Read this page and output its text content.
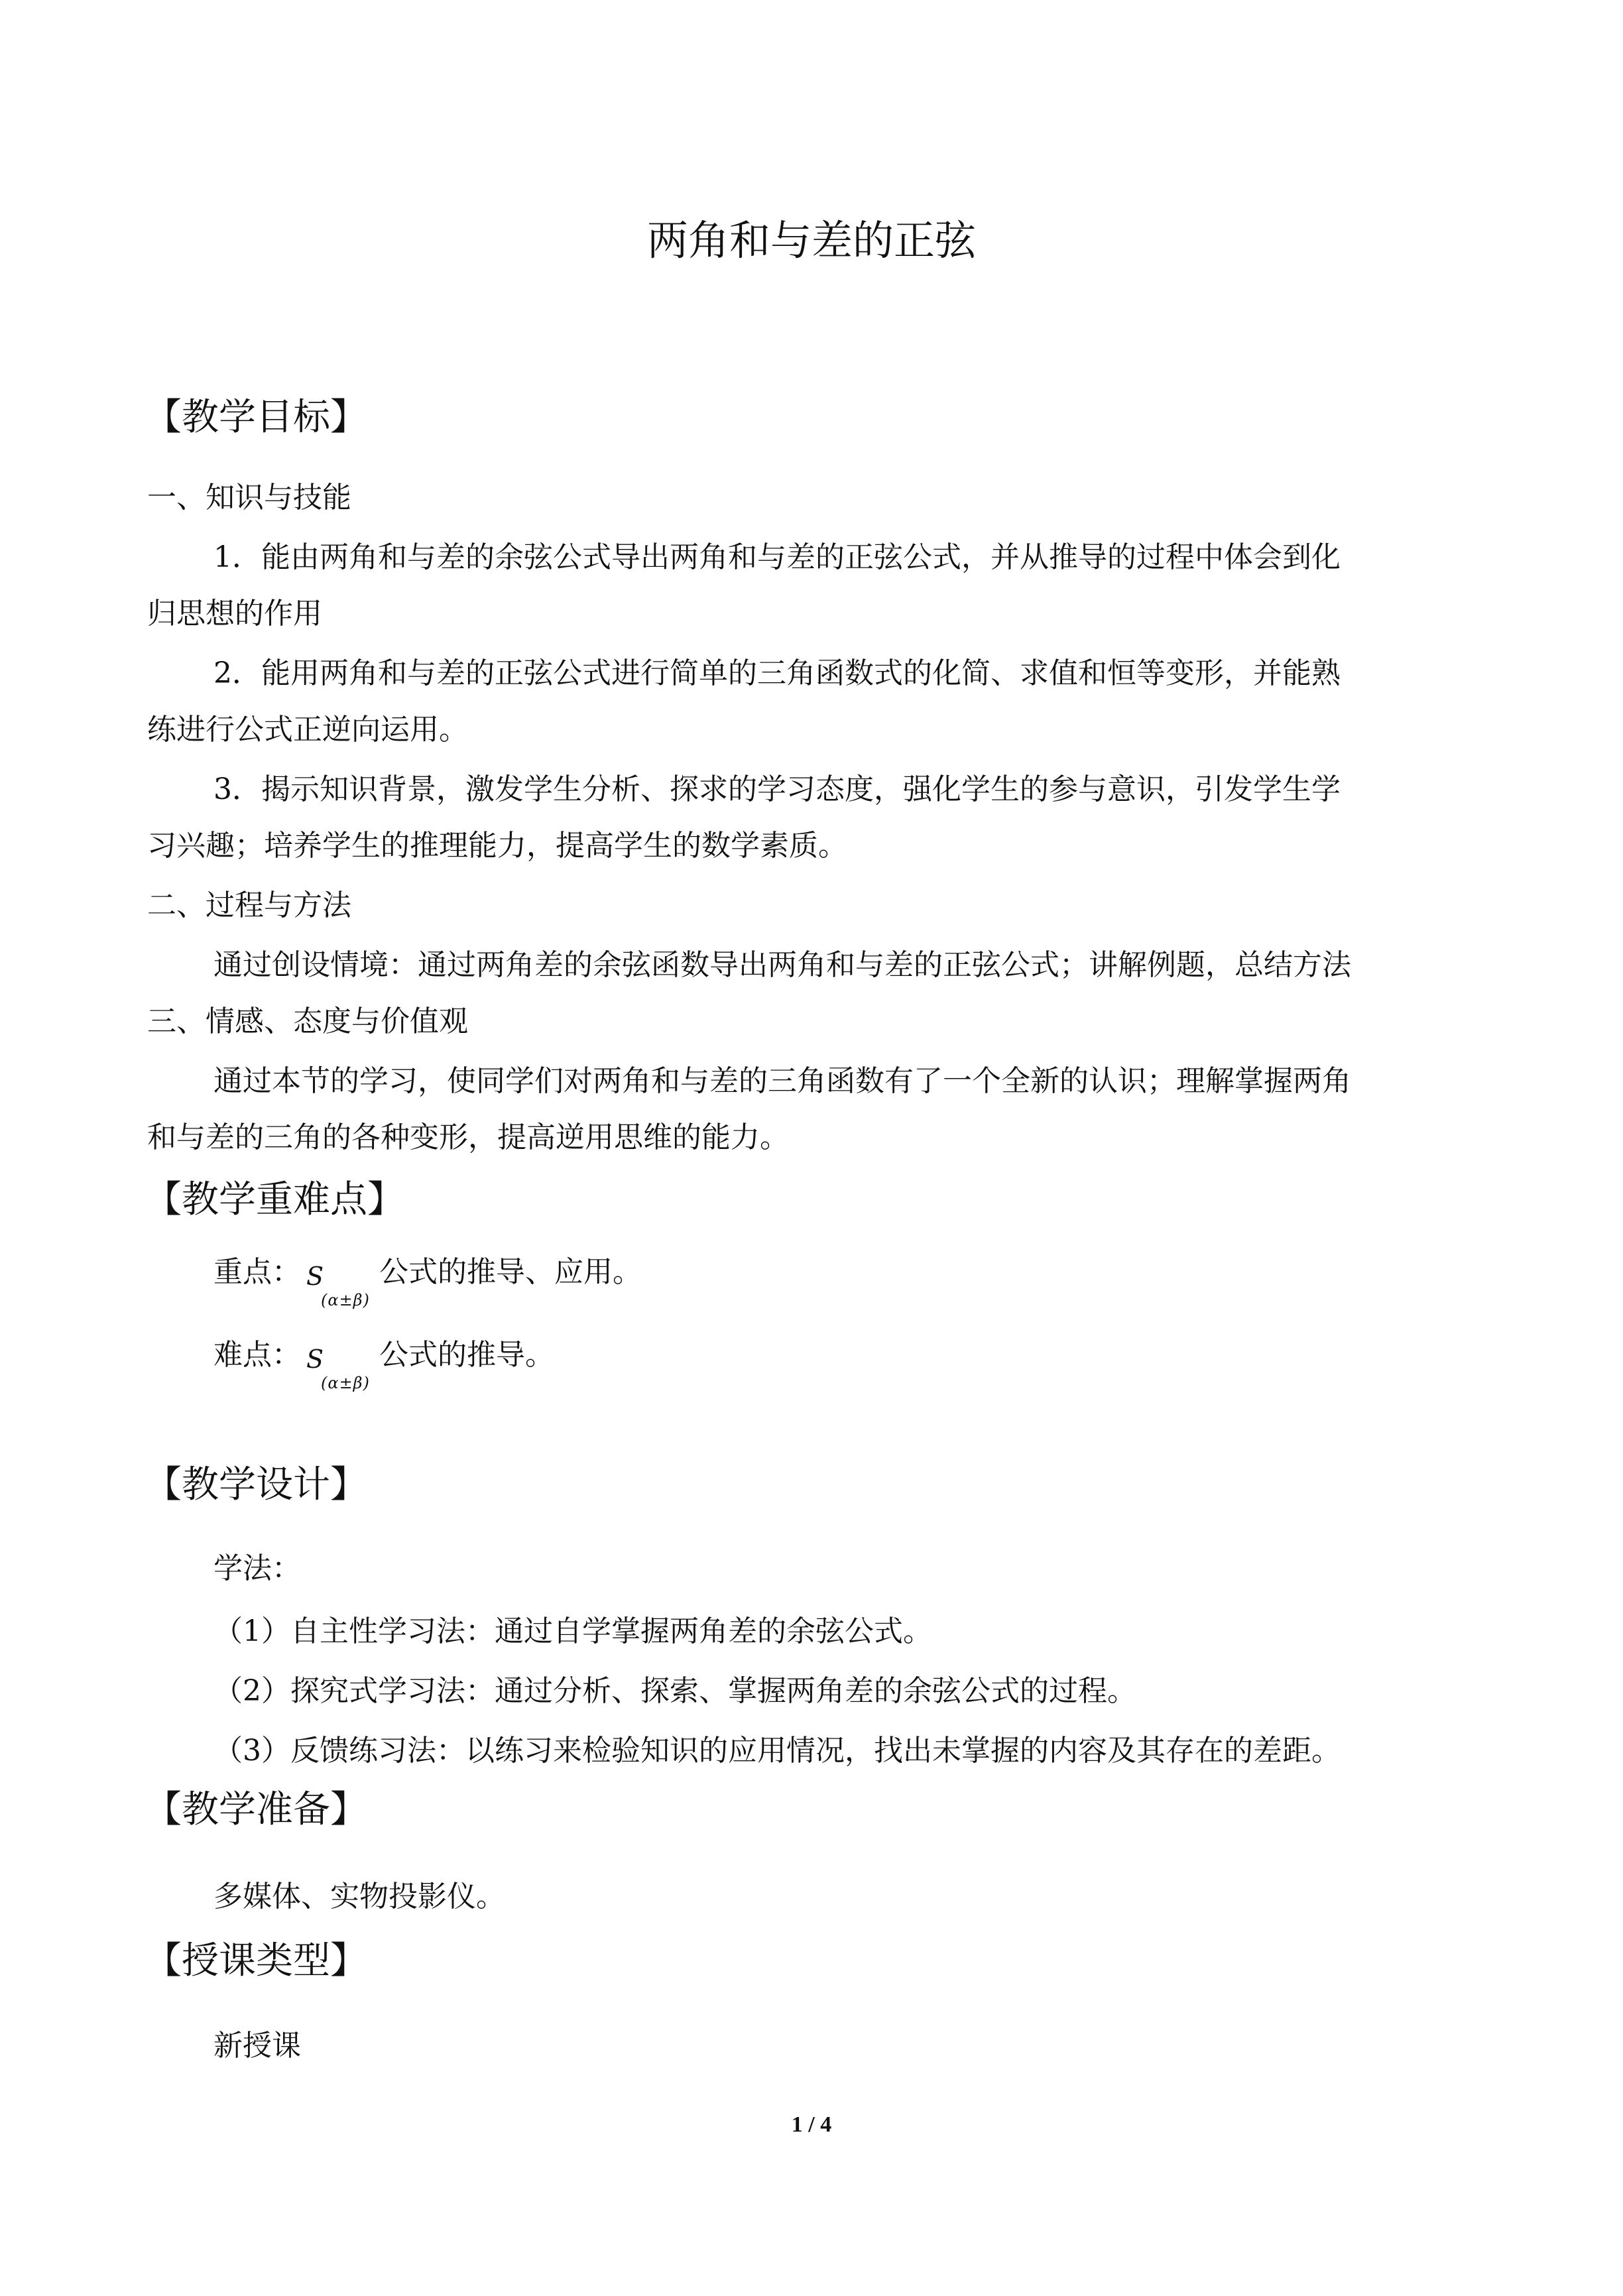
两角和与差的正弦
【教学目标】
一、知识与技能
1．能由两角和与差的余弦公式导出两角和与差的正弦公式，并从推导的过程中体会到化
归思想的作用
2．能用两角和与差的正弦公式进行简单的三角函数式的化简、求值和恒等变形，并能熟
练进行公式正逆向运用。
3．揭示知识背景，激发学生分析、探求的学习态度，强化学生的参与意识，引发学生学
习兴趣；培养学生的推理能力，提高学生的数学素质。
二、过程与方法
通过创设情境：通过两角差的余弦函数导出两角和与差的正弦公式；讲解例题，总结方法
三、情感、态度与价值观
通过本节的学习，使同学们对两角和与差的三角函数有了一个全新的认识；理解掌握两角
和与差的三角的各种变形，提高逆用思维的能力。
【教学重难点】
重点： S
(α±β)
公式的推导、应用。
难点： S
(α±β)
公式的推导。
【教学设计】
学法：
（1）自主性学习法：通过自学掌握两角差的余弦公式。
（2）探究式学习法：通过分析、探索、掌握两角差的余弦公式的过程。
（3）反馈练习法：以练习来检验知识的应用情况，找出未掌握的内容及其存在的差距。
【教学准备】
多媒体、实物投影仪。
【授课类型】
新授课
1 / 4
